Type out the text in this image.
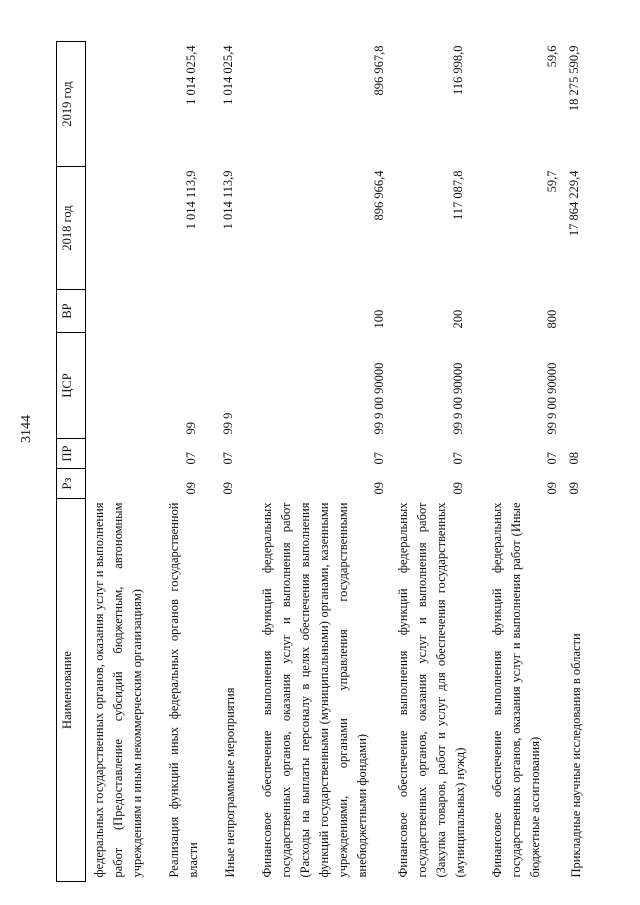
3144
Наименование	Рз	ПР	ЦСР	ВР	2018 год	2019 год
федеральных государственных органов, оказания услуг и выполнения работ (Предоставление субсидий бюджетным, автономным учреждениям и иным некоммерческим организациям)						
Реализация функций иных федеральных органов государственной власти	09	07	99		1 014 113,9	1 014 025,4
Иные непрограммные мероприятия	09	07	99 9		1 014 113,9	1 014 025,4
Финансовое обеспечение выполнения функций федеральных государственных органов, оказания услуг и выполнения работ (Расходы на выплаты персоналу в целях обеспечения выполнения функций государственными (муниципальными) органами, казенными учреждениями, органами управления государственными внебюджетными фондами)	09	07	99 9 00 90000	100	896 966,4	896 967,8
Финансовое обеспечение выполнения функций федеральных государственных органов, оказания услуг и выполнения работ (Закупка товаров, работ и услуг для обеспечения государственных (муниципальных) нужд)	09	07	99 9 00 90000	200	117 087,8	116 998,0
Финансовое обеспечение выполнения функций федеральных государственных органов, оказания услуг и выполнения работ (Иные бюджетные ассигнования)	09	07	99 9 00 90000	800	59,7	59,6
Прикладные научные исследования в области	09	08			17 864 229,4	18 275 590,9
